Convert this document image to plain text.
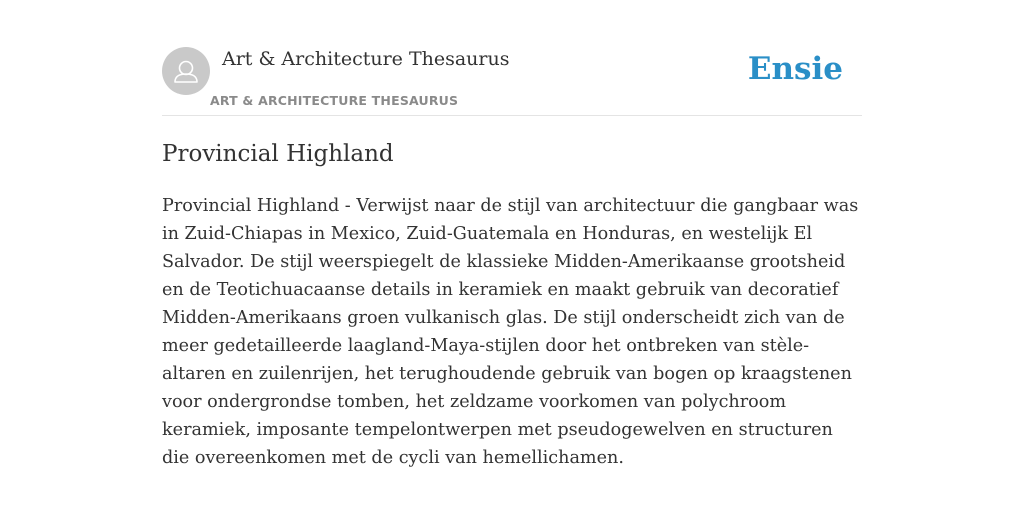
Art & Architecture Thesaurus
ART & ARCHITECTURE THESAURUS
Ensie
Provincial Highland

Provincial Highland - Verwijst naar de stijl van architectuur die gangbaar was in Zuid-Chiapas in Mexico, Zuid-Guatemala en Honduras, en westelijk El Salvador. De stijl weerspiegelt de klassieke Midden-Amerikaanse grootsheid en de Teotichuacaanse details in keramiek en maakt gebruik van decoratief Midden-Amerikaans groen vulkanisch glas. De stijl onderscheidt zich van de meer gedetailleerde laagland-Maya-stijlen door het ontbreken van stèle-altaren en zuilenrijen, het terughoudende gebruik van bogen op kraagstenen voor ondergrondse tomben, het zeldzame voorkomen van polychroom keramiek, imposante tempelontwerpen met pseudogewelven en structuren die overeenkomen met de cycli van hemellichamen.
